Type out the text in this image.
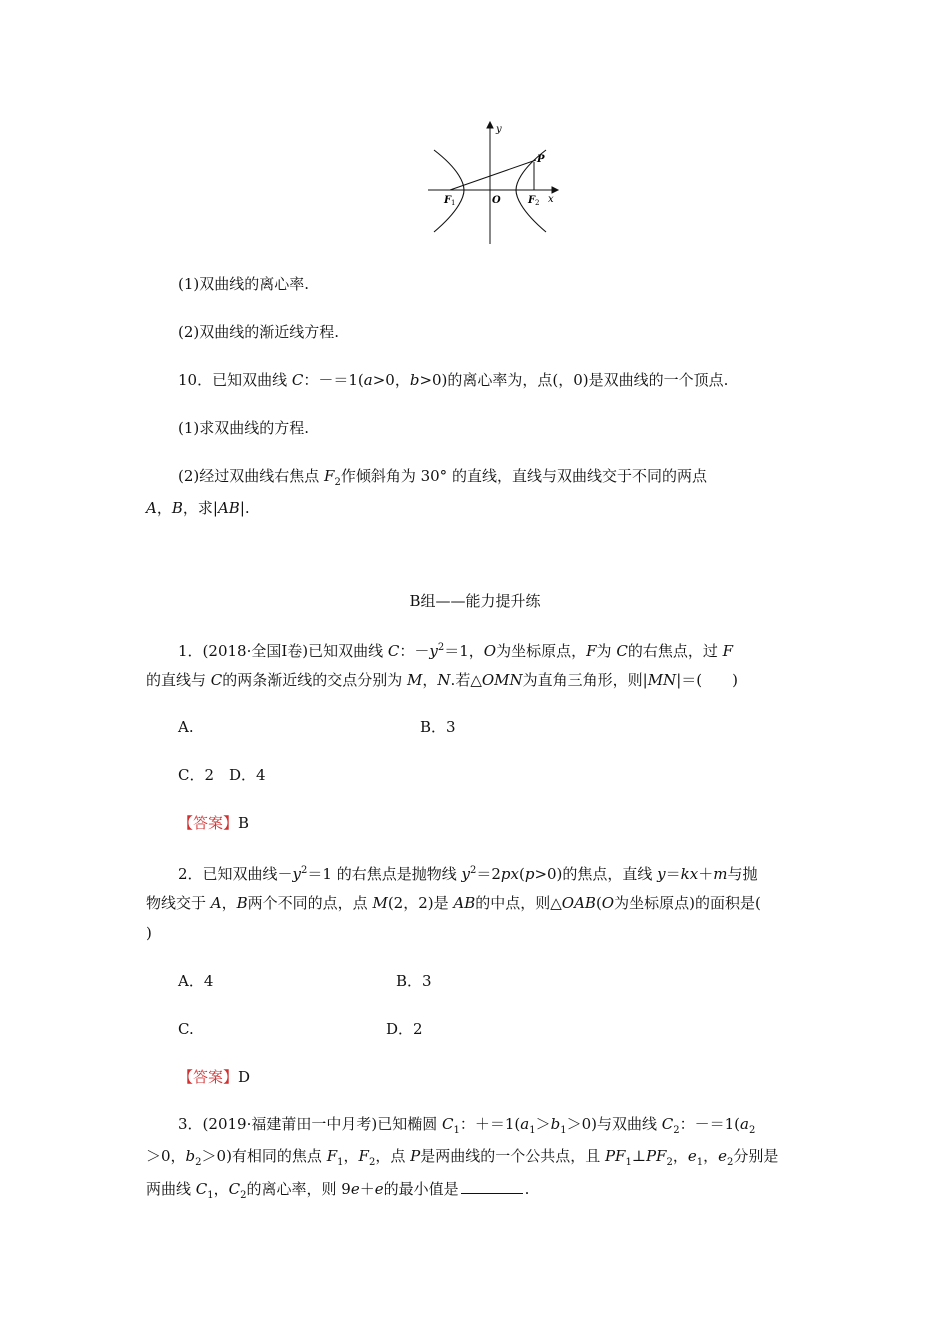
y
x
P
F 1	O	F 2
(1)双曲线的离心率.
(2)双曲线的渐近线方程.
10．已知双曲线 C：－＝1(a>0，b>0)的离心率为，点(，0)是双曲线的一个顶点.
(1)求双曲线的方程.
(2)经过双曲线右焦点 $F_2$作倾斜角为 30° 的直线，直线与双曲线交于不同的两点
A，B，求|AB|.
B组——能力提升练
1．(2018·全国Ⅰ卷)已知双曲线 C：$-y^2=1$，O为坐标原点，F为 C的右焦点，过 F
的直线与 C的两条渐近线的交点分别为 M，N.若△OMN为直角三角形，则|MN|＝(　　)
A.	B．3
C．2　D．4
【答案】B
2．已知双曲线$-y^2=1$ 的右焦点是抛物线 $y^2=2px(p>0)$的焦点，直线 y＝kx＋m与抛
物线交于 A，B两个不同的点，点 M(2，2)是 AB的中点，则△OAB(O为坐标原点)的面积是(
)
A．4	B．3
C.	D．2
【答案】D
3．(2019·福建莆田一中月考)已知椭圆 $C_1$：$+=1(a_1>b_1>0)$与双曲线 $C_2$：$-=1(a_2$
＞0，$b_2>0$)有相同的焦点 $F_1$，$F_2$，点 P是两曲线的一个公共点，且 $PF_1\perp PF_2$，$e_1$，$e_2$分别是
两曲线 $C_1$，$C_2$的离心率，则 9e＋e的最小值是	.
